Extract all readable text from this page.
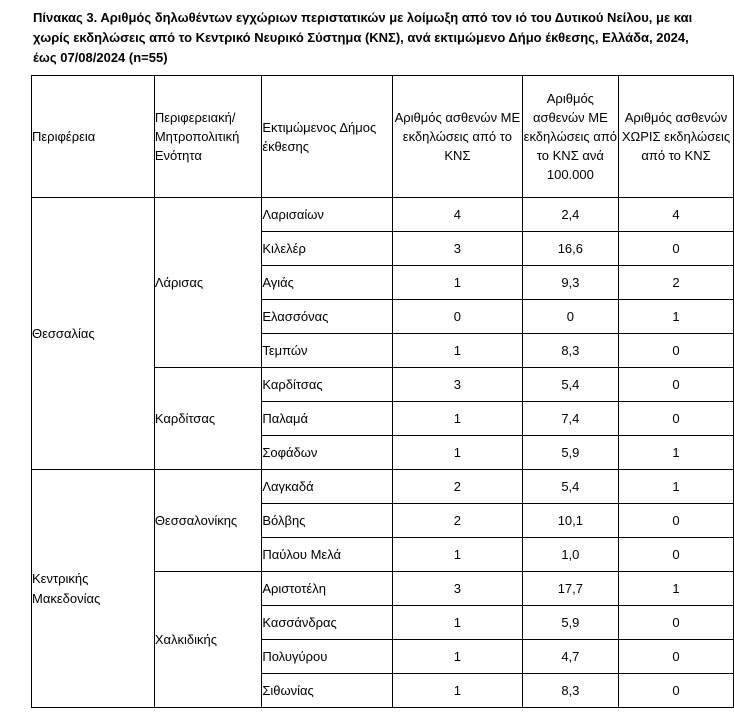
Πίνακας 3. Αριθμός δηλωθέντων εγχώριων περιστατικών με λοίμωξη από τον ιό του Δυτικού Νείλου, με και χωρίς εκδηλώσεις από το Κεντρικό Νευρικό Σύστημα (ΚΝΣ), ανά εκτιμώμενο Δήμο έκθεσης, Ελλάδα, 2024, έως 07/08/2024 (n=55)
Περιφέρεια	Περιφερειακή/ Μητροπολιτική Ενότητα	Εκτιμώμενος Δήμος έκθεσης	Αριθμός ασθενών ΜΕ εκδηλώσεις από το ΚΝΣ	Αριθμός ασθενών ΜΕ εκδηλώσεις από το ΚΝΣ ανά 100.000	Αριθμός ασθενών ΧΩΡΙΣ εκδηλώσεις από το ΚΝΣ
Θεσσαλίας	Λάρισας	Λαρισαίων	4	2,4	4
		Κιλελέρ	3	16,6	0
		Αγιάς	1	9,3	2
		Ελασσόνας	0	0	1
		Τεμπών	1	8,3	0
	Καρδίτσας	Καρδίτσας	3	5,4	0
		Παλαμά	1	7,4	0
		Σοφάδων	1	5,9	1
Κεντρικής Μακεδονίας	Θεσσαλονίκης	Λαγκαδά	2	5,4	1
		Βόλβης	2	10,1	0
		Παύλου Μελά	1	1,0	0
	Χαλκιδικής	Αριστοτέλη	3	17,7	1
		Κασσάνδρας	1	5,9	0
		Πολυγύρου	1	4,7	0
		Σιθωνίας	1	8,3	0
